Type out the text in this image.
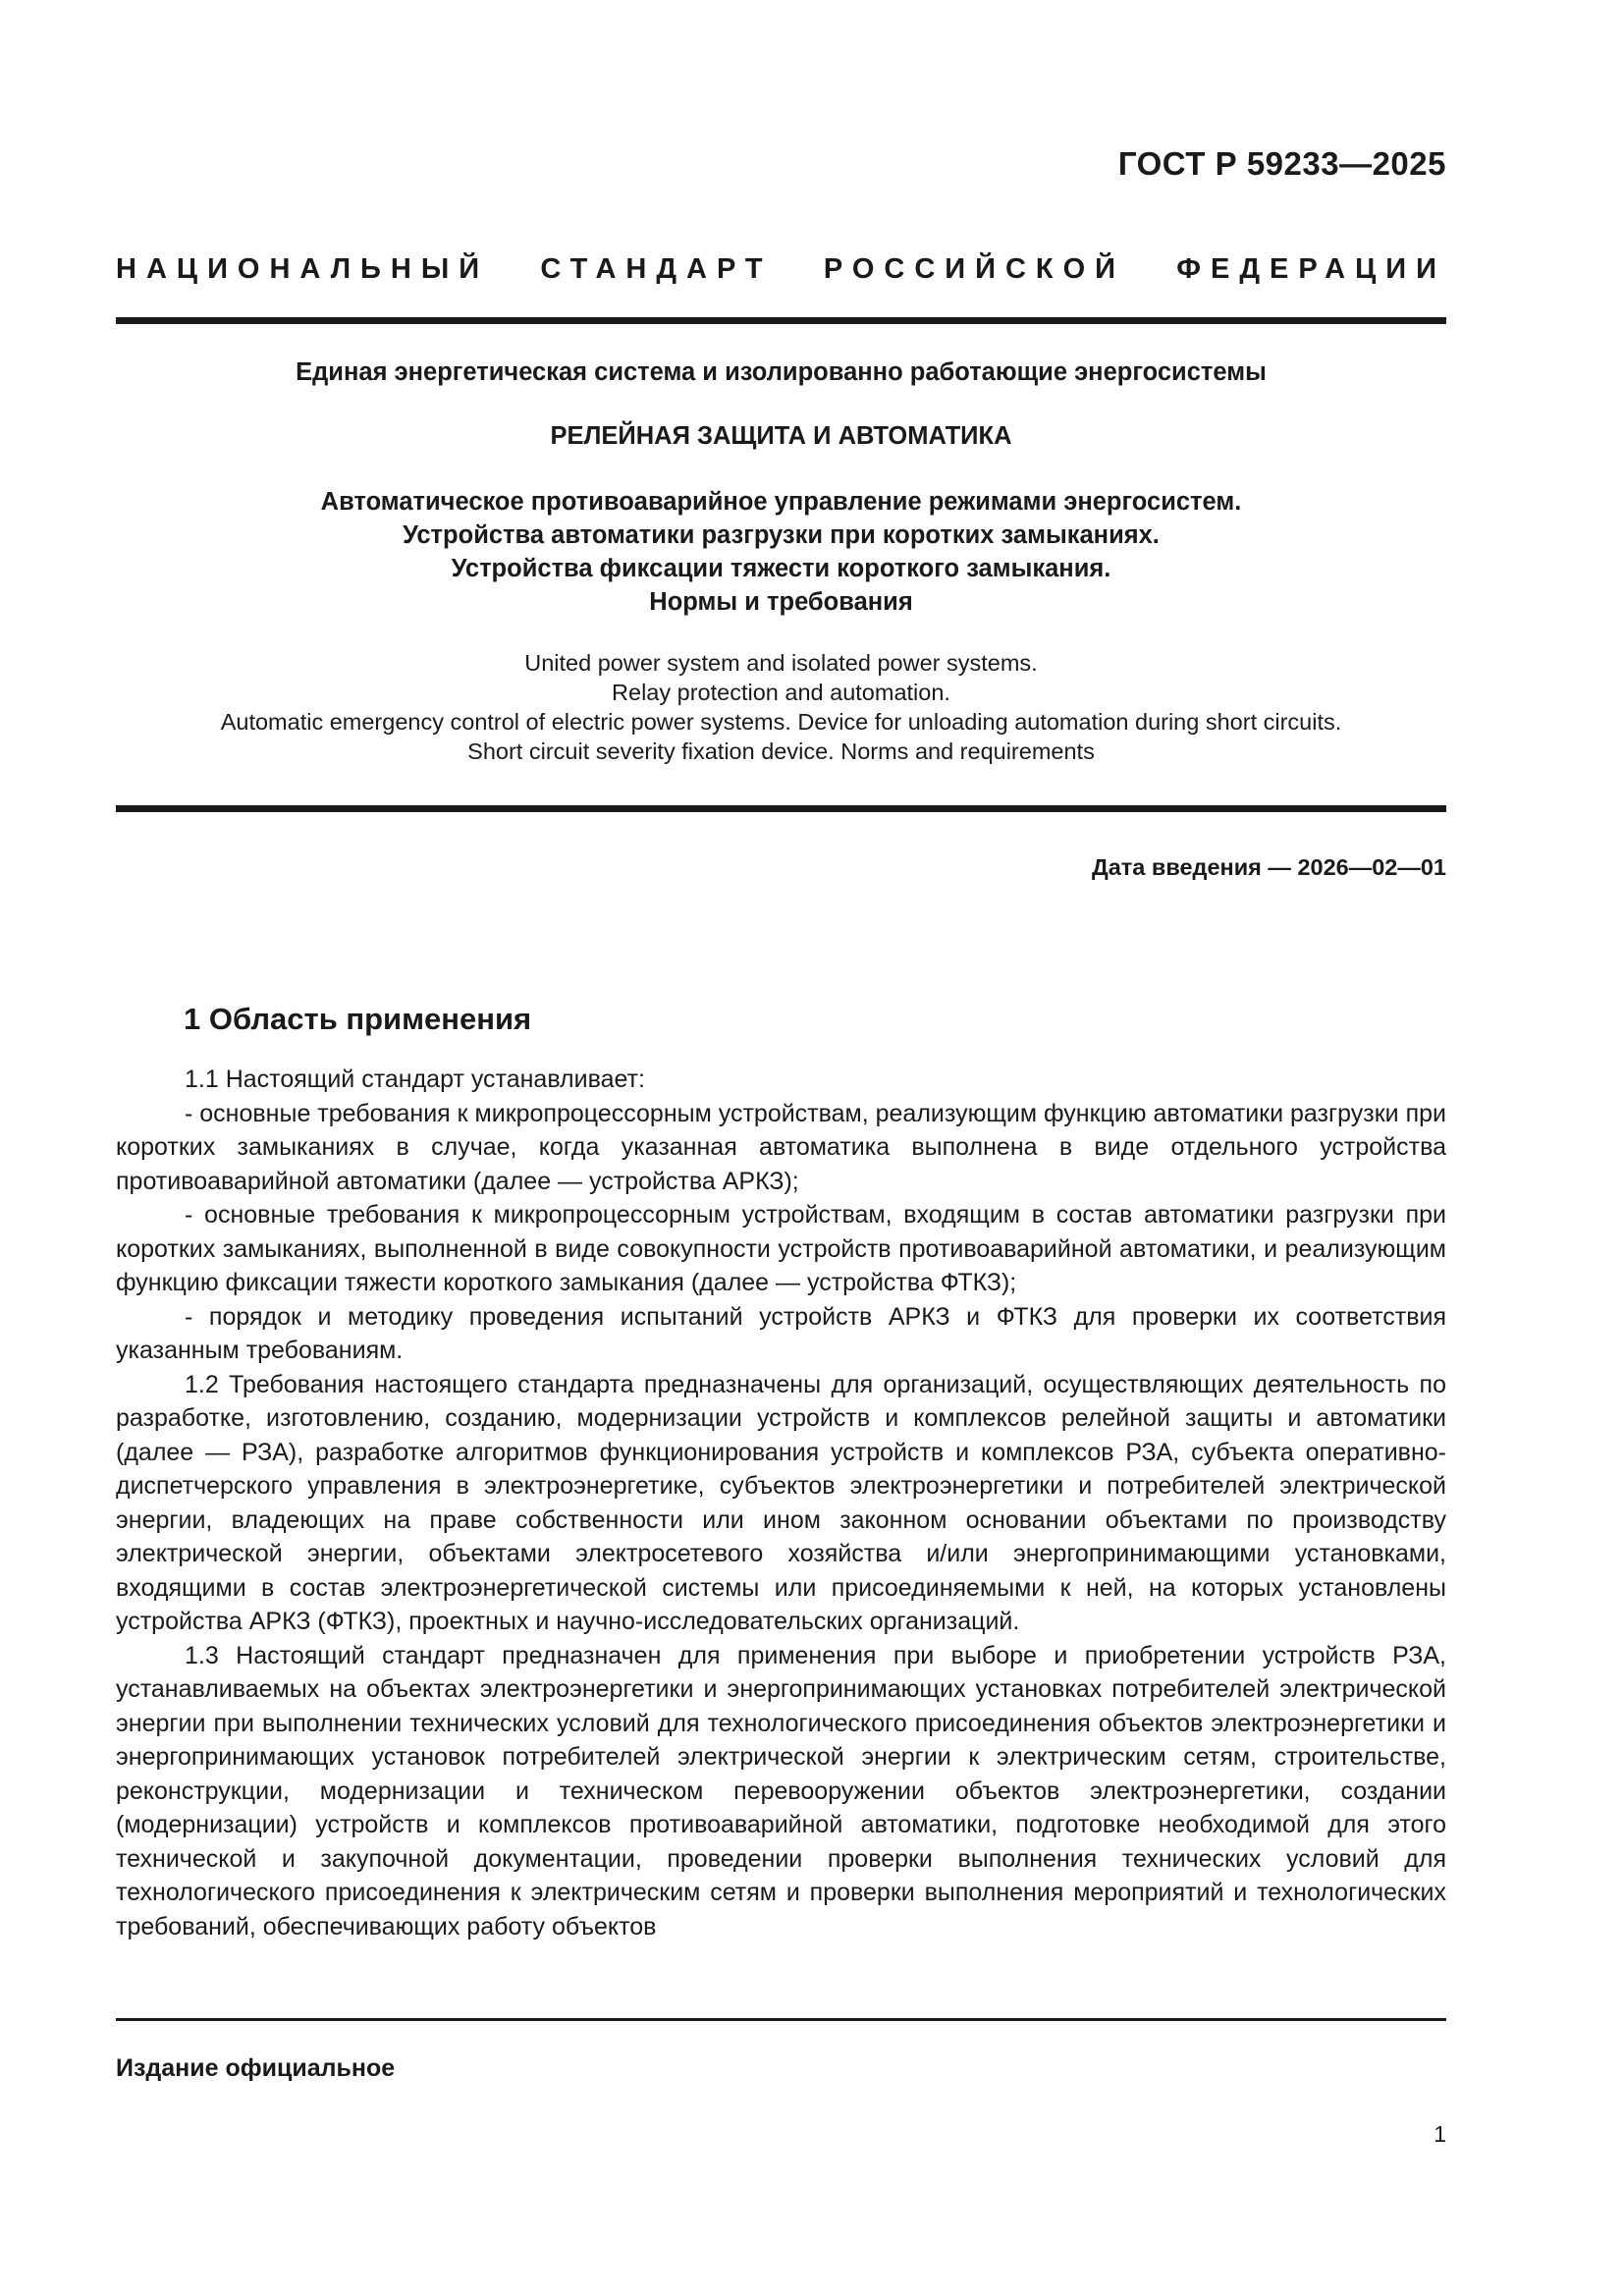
ГОСТ Р 59233—2025
НАЦИОНАЛЬНЫЙ СТАНДАРТ РОССИЙСКОЙ ФЕДЕРАЦИИ
Единая энергетическая система и изолированно работающие энергосистемы
РЕЛЕЙНАЯ ЗАЩИТА И АВТОМАТИКА
Автоматическое противоаварийное управление режимами энергосистем.
Устройства автоматики разгрузки при коротких замыканиях.
Устройства фиксации тяжести короткого замыкания.
Нормы и требования
United power system and isolated power systems.
Relay protection and automation.
Automatic emergency control of electric power systems. Device for unloading automation during short circuits.
Short circuit severity fixation device. Norms and requirements
Дата введения — 2026—02—01
1 Область применения

1.1 Настоящий стандарт устанавливает:

- основные требования к микропроцессорным устройствам, реализующим функцию автоматики разгрузки при коротких замыканиях в случае, когда указанная автоматика выполнена в виде отдельного устройства противоаварийной автоматики (далее — устройства АРКЗ);

- основные требования к микропроцессорным устройствам, входящим в состав автоматики разгрузки при коротких замыканиях, выполненной в виде совокупности устройств противоаварийной автоматики, и реализующим функцию фиксации тяжести короткого замыкания (далее — устройства ФТКЗ);

- порядок и методику проведения испытаний устройств АРКЗ и ФТКЗ для проверки их соответствия указанным требованиям.

1.2 Требования настоящего стандарта предназначены для организаций, осуществляющих деятельность по разработке, изготовлению, созданию, модернизации устройств и комплексов релейной защиты и автоматики (далее — РЗА), разработке алгоритмов функционирования устройств и комплексов РЗА, субъекта оперативно-диспетчерского управления в электроэнергетике, субъектов электроэнергетики и потребителей электрической энергии, владеющих на праве собственности или ином законном основании объектами по производству электрической энергии, объектами электросетевого хозяйства и/или энергопринимающими установками, входящими в состав электроэнергетической системы или присоединяемыми к ней, на которых установлены устройства АРКЗ (ФТКЗ), проектных и научно-исследовательских организаций.

1.3 Настоящий стандарт предназначен для применения при выборе и приобретении устройств РЗА, устанавливаемых на объектах электроэнергетики и энергопринимающих установках потребителей электрической энергии при выполнении технических условий для технологического присоединения объектов электроэнергетики и энергопринимающих установок потребителей электрической энергии к электрическим сетям, строительстве, реконструкции, модернизации и техническом перевооружении объектов электроэнергетики, создании (модернизации) устройств и комплексов противоаварийной автоматики, подготовке необходимой для этого технической и закупочной документации, проведении проверки выполнения технических условий для технологического присоединения к электрическим сетям и проверки выполнения мероприятий и технологических требований, обеспечивающих работу объектов

Издание официальное
1
